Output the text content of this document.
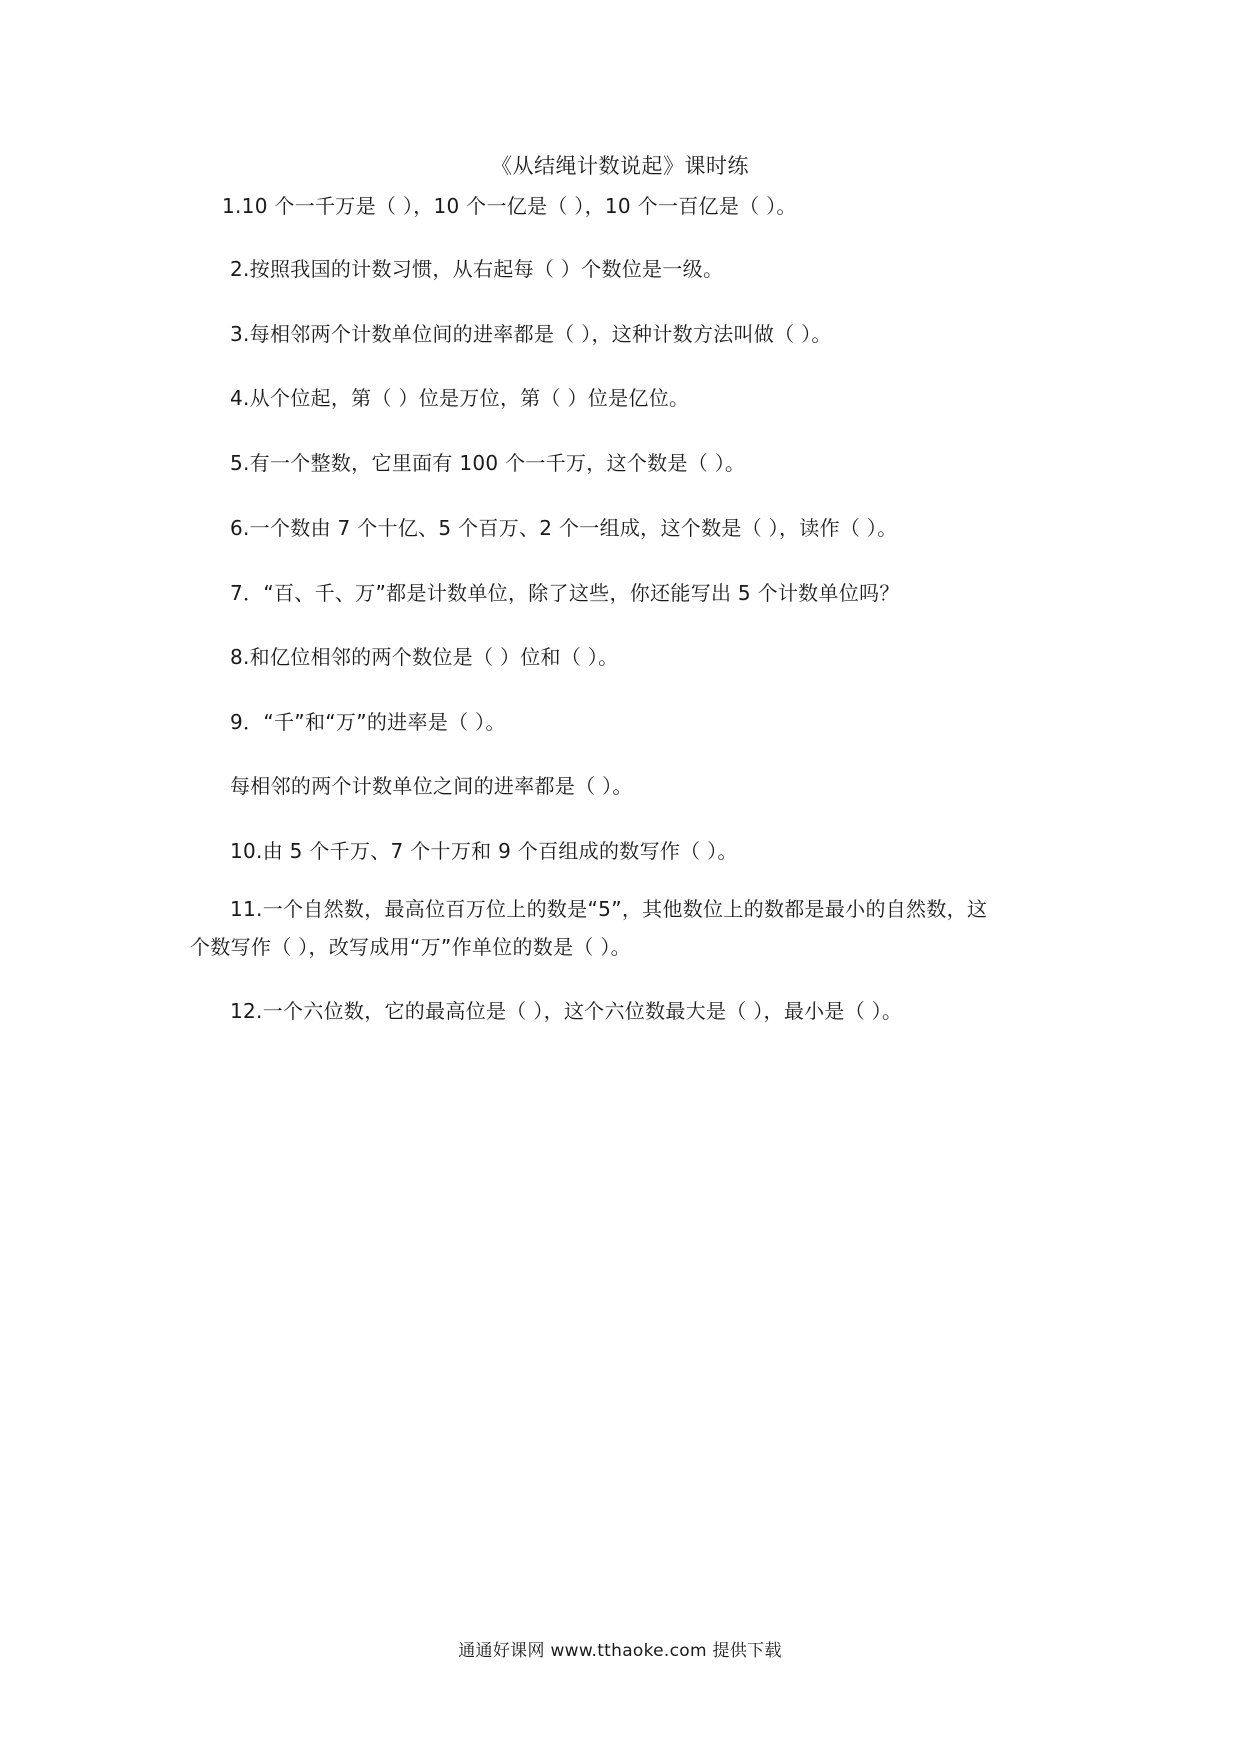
《从结绳计数说起》课时练
1.10 个一千万是（ ），10 个一亿是（ ），10 个一百亿是（ ）。
2.按照我国的计数习惯，从右起每（ ）个数位是一级。
3.每相邻两个计数单位间的进率都是（ ），这种计数方法叫做（ ）。
4.从个位起，第（ ）位是万位，第（ ）位是亿位。
5.有一个整数，它里面有 100 个一千万，这个数是（ ）。
6.一个数由 7 个十亿、5 个百万、2 个一组成，这个数是（ ），读作（ ）。
7．“百、千、万”都是计数单位，除了这些，你还能写出 5 个计数单位吗？
8.和亿位相邻的两个数位是（ ）位和（ ）。
9．“千”和“万”的进率是（ ）。
每相邻的两个计数单位之间的进率都是（ ）。
10.由 5 个千万、7 个十万和 9 个百组成的数写作（ ）。
11.一个自然数，最高位百万位上的数是“5”，其他数位上的数都是最小的自然数，这
个数写作（ ），改写成用“万”作单位的数是（ ）。
12.一个六位数，它的最高位是（ ），这个六位数最大是（ ），最小是（ ）。
通通好课网 www.tthaoke.com 提供下载
